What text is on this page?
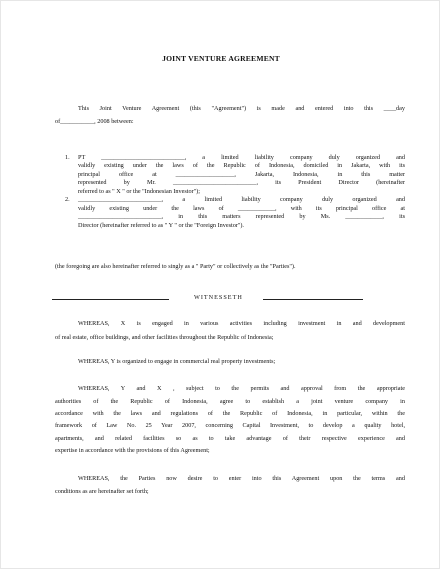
JOINT VENTURE AGREEMENT
This Joint Venture Agreement (this "Agreement") is made and entered into this ____day
of___________, 2008 between:
1. PT ___________________________, a limited liability company duly organized and
validly existing under the laws of the Republic of Indonesia, domiciled in Jakarta, with its
principal office at ___________________, Jakarta, Indonesia, in this matter
represented by Mr. ___________________________, its President Director (hereinafter
referred to as " X " or the "Indonesian Investor");
2. ___________________________, a limited liability company duly organized and
validly existing under the laws of ____________, with its principal office at
___________________________, in this matters represented by Ms. ____________, its
Director (hereinafter referred to as " Y " or the "Foreign Investor").
(the foregoing are also hereinafter referred to singly as a " Party" or collectively as the "Parties").
WITNESSETH
WHEREAS, X is engaged in various activities including investment in and development
of real estate, office buildings, and other facilities throughout the Republic of Indonesia;
WHEREAS, Y is organized to engage in commercial real property investments;
WHEREAS, Y and X , subject to the permits and approval from the appropriate
authorities of the Republic of Indonesia, agree to establish a joint venture company in
accordance with the laws and regulations of the Republic of Indonesia, in particular, within the
framework of Law No. 25 Year 2007, concerning Capital Investment, to develop a quality hotel,
apartments, and related facilities so as to take advantage of their respective experience and
expertise in accordance with the provisions of this Agreement;
WHEREAS, the Parties now desire to enter into this Agreement upon the terms and
conditions as are hereinafter set forth;
